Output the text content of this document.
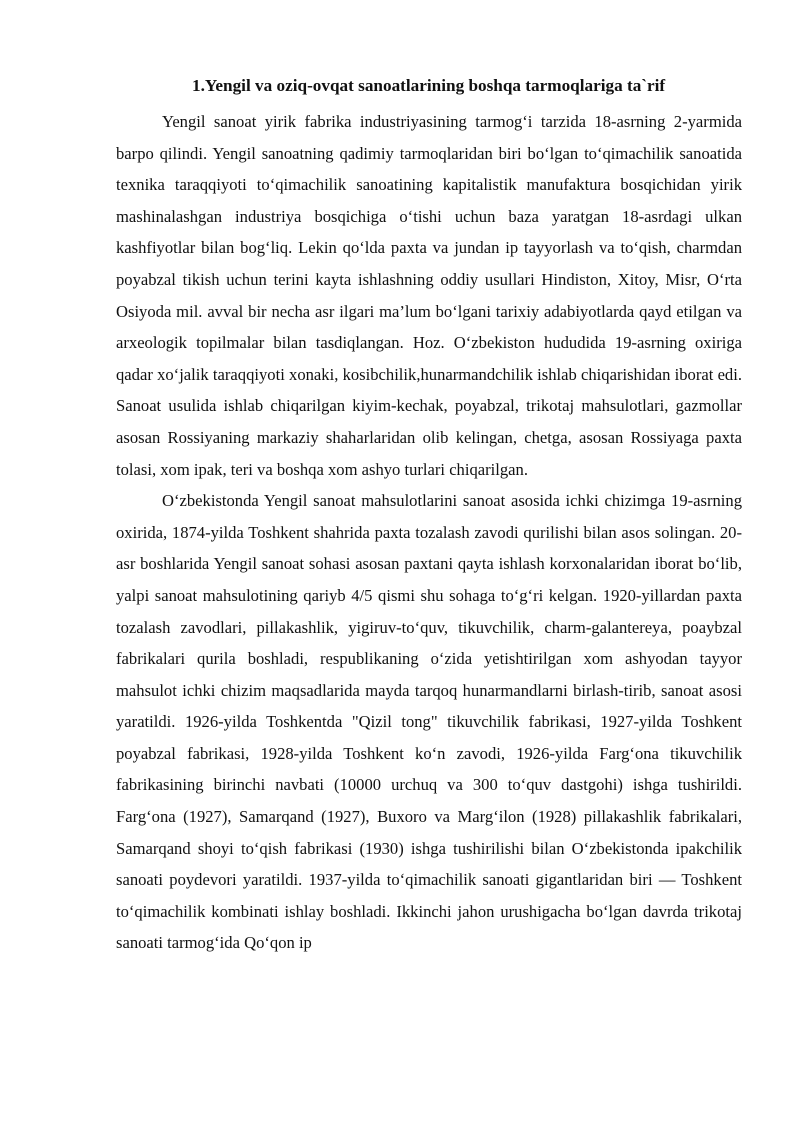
1.Yengil va oziq-ovqat sanoatlarining boshqa tarmoqlariga ta`rif

Yengil sanoat yirik fabrika industriyasining tarmog‘i tarzida 18-asrning 2-yarmida barpo qilindi. Yengil sanoatning qadimiy tarmoqlaridan biri bo‘lgan to‘qimachilik sanoatida texnika taraqqiyoti to‘qimachilik sanoatining kapitalistik manufaktura bosqichidan yirik mashinalashgan industriya bosqichiga o‘tishi uchun baza yaratgan 18-asrdagi ulkan kashfiyotlar bilan bog‘liq. Lekin qo‘lda paxta va jundan ip tayyorlash va to‘qish, charmdan poyabzal tikish uchun terini kayta ishlashning oddiy usullari Hindiston, Xitoy, Misr, O‘rta Osiyoda mil. avval bir necha asr ilgari ma’lum bo‘lgani tarixiy adabiyotlarda qayd etilgan va arxeologik topilmalar bilan tasdiqlangan. Hoz. O‘zbekiston hududida 19-asrning oxiriga qadar xo‘jalik taraqqiyoti xonaki, kosibchilik,hunarmandchilik ishlab chiqarishidan iborat edi. Sanoat usulida ishlab chiqarilgan kiyim-kechak, poyabzal, trikotaj mahsulotlari, gazmollar asosan Rossiyaning markaziy shaharlaridan olib kelingan, chetga, asosan Rossiyaga paxta tolasi, xom ipak, teri va boshqa xom ashyo turlari chiqarilgan.

O‘zbekistonda Yengil sanoat mahsulotlarini sanoat asosida ichki chizimga 19-asrning oxirida, 1874-yilda Toshkent shahrida paxta tozalash zavodi qurilishi bilan asos solingan. 20-asr boshlarida Yengil sanoat sohasi asosan paxtani qayta ishlash korxonalaridan iborat bo‘lib, yalpi sanoat mahsulotining qariyb 4/5 qismi shu sohaga to‘g‘ri kelgan. 1920-yillardan paxta tozalash zavodlari, pillakashlik, yigiruv-to‘quv, tikuvchilik, charm-galantereya, poaybzal fabrikalari qurila boshladi, respublikaning o‘zida yetishtirilgan xom ashyodan tayyor mahsulot ichki chizim maqsadlarida mayda tarqoq hunarmandlarni birlash-tirib, sanoat asosi yaratildi. 1926-yilda Toshkentda "Qizil tong" tikuvchilik fabrikasi, 1927-yilda Toshkent poyabzal fabrikasi, 1928-yilda Toshkent ko‘n zavodi, 1926-yilda Farg‘ona tikuvchilik fabrikasining birinchi navbati (10000 urchuq va 300 to‘quv dastgohi) ishga tushirildi. Farg‘ona (1927), Samarqand (1927), Buxoro va Marg‘ilon (1928) pillakashlik fabrikalari, Samarqand shoyi to‘qish fabrikasi (1930) ishga tushirilishi bilan O‘zbekistonda ipakchilik sanoati poydevori yaratildi. 1937-yilda to‘qimachilik sanoati gigantlaridan biri — Toshkent to‘qimachilik kombinati ishlay boshladi. Ikkinchi jahon urushigacha bo‘lgan davrda trikotaj sanoati tarmog‘ida Qo‘qon ip
